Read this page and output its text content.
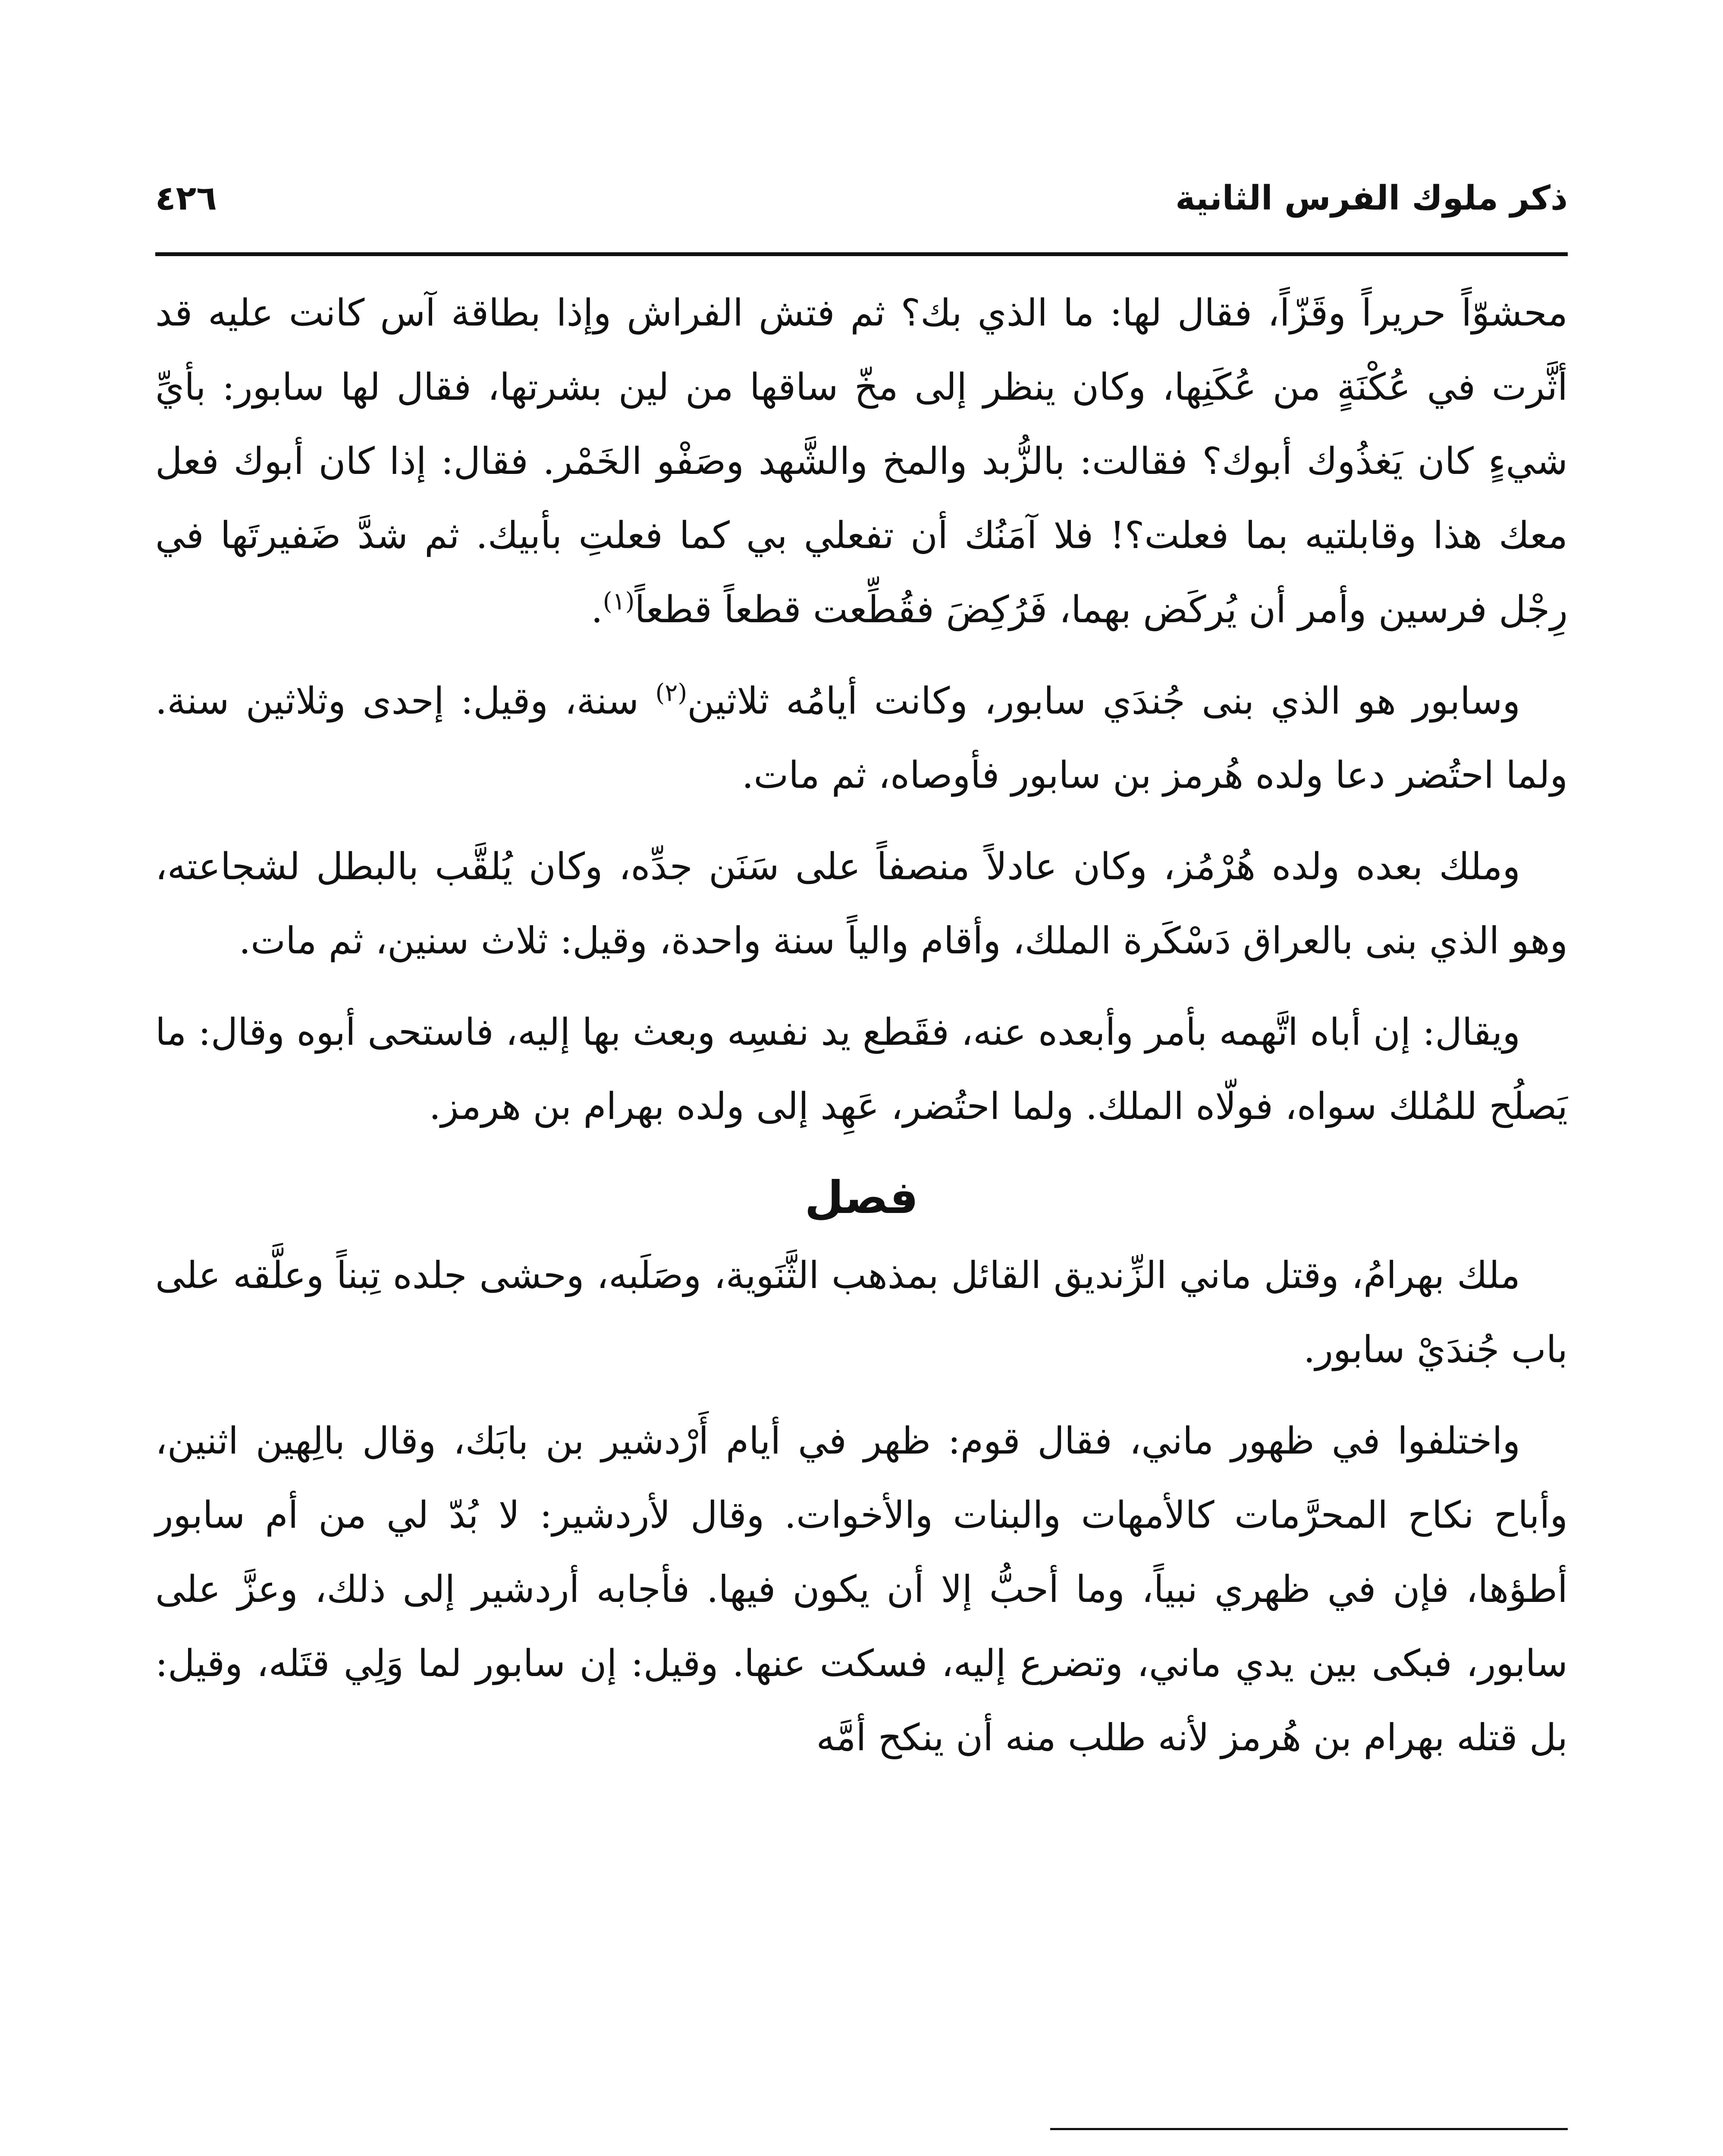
ذكر ملوك الفرس الثانية
٤٢٦

محشوّاً حريراً وقَزّاً، فقال لها: ما الذي بك؟ ثم فتش الفراش وإذا بطاقة آس كانت عليه قد أثَّرت في عُكْنَةٍ من عُكَنِها، وكان ينظر إلى مخّ ساقها من لين بشرتها، فقال لها سابور: بأيِّ شيءٍ كان يَغذُوك أبوك؟ فقالت: بالزُّبد والمخ والشَّهد وصَفْو الخَمْر. فقال: إذا كان أبوك فعل معك هذا وقابلتيه بما فعلت؟! فلا آمَنُك أن تفعلي بي كما فعلتِ بأبيك. ثم شدَّ ضَفيرتَها في رِجْل فرسين وأمر أن يُركَض بهما، فَرُكِضَ فقُطِّعت قطعاً قطعاً$^{(١)}$.

وسابور هو الذي بنى جُندَي سابور، وكانت أيامُه ثلاثين$^{(٢)}$ سنة، وقيل: إحدى وثلاثين سنة. ولما احتُضر دعا ولده هُرمز بن سابور فأوصاه، ثم مات.

وملك بعده ولده هُرْمُز، وكان عادلاً منصفاً على سَنَن جدِّه، وكان يُلقَّب بالبطل لشجاعته، وهو الذي بنى بالعراق دَسْكَرة الملك، وأقام والياً سنة واحدة، وقيل: ثلاث سنين، ثم مات.

ويقال: إن أباه اتَّهمه بأمر وأبعده عنه، فقَطع يد نفسِه وبعث بها إليه، فاستحى أبوه وقال: ما يَصلُح للمُلك سواه، فولّاه الملك. ولما احتُضر، عَهِد إلى ولده بهرام بن هرمز.

فصل

ملك بهرامُ، وقتل ماني الزِّنديق القائل بمذهب الثَّنَوية، وصَلَبه، وحشى جلده تِبناً وعلَّقه على باب جُندَيْ سابور.

واختلفوا في ظهور ماني، فقال قوم: ظهر في أيام أَرْدشير بن بابَك، وقال بالِهين اثنين، وأباح نكاح المحرَّمات كالأمهات والبنات والأخوات. وقال لأردشير: لا بُدّ لي من أم سابور أطؤها، فإن في ظهري نبياً، وما أحبُّ إلا أن يكون فيها. فأجابه أردشير إلى ذلك، وعزَّ على سابور، فبكى بين يدي ماني، وتضرع إليه، فسكت عنها. وقيل: إن سابور لما وَلِي قتَله، وقيل: بل قتله بهرام بن هُرمز لأنه طلب منه أن ينكح أمَّه
